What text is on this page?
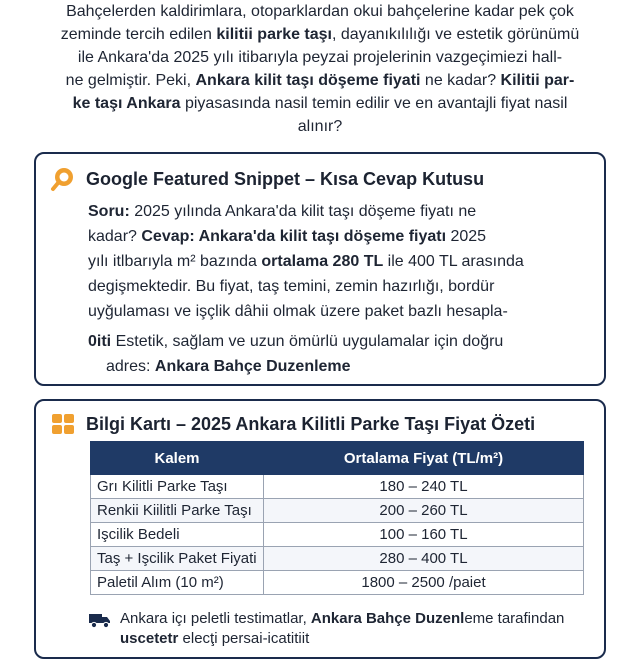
Bahçelerden kaldirimlara, otoparklardan okui bahçelerine kadar pek çok
zeminde tercih edilen kilitii parke taşı, dayanıkılılığı ve estetik görünümü
ile Ankara'da 2025 yılı itibarıyla peyzai projelerinin vazgeçimiezi hall-
ne gelmiştir. Peki, Ankara kilit taşı döşeme fiyati ne kadar? Kilitii par-
ke taşı Ankara piyasasında nasil temin edilir ve en avantajli fiyat nasil
alınır?
Google Featured Snippet – Kısa Cevap Kutusu
Soru: 2025 yılında Ankara'da kilit taşı döşeme fiyatı ne
kadar? Cevap: Ankara'da kilit taşı döşeme fiyatı 2025
yılı itlbarıyla m² bazında ortalama 280 TL ile 400 TL arasında
degişmektedir. Bu fiyat, taş temini, zemin hazırlığı, bordür
uyğulaması ve işçlik dâhii olmak üzere paket bazlı hesapla-
0iti Estetik, sağlam ve uzun ömürlü uygulamalar için doğru
adres: Ankara Bahçe Duzenleme
Bilgi Kartı – 2025 Ankara Kilitli Parke Taşı Fiyat Özeti
Kalem	Ortalama Fiyat (TL/m²)
Grı Kilitli Parke Taşı	180 – 240 TL
Renkii Kiilitli Parke Taşı	200 – 260 TL
Işcilik Bedeli	100 – 160 TL
Taş + Işcilik Paket Fiyati	280 – 400 TL
Paletil Alım (10 m²)	1800 – 2500 /paiet
Ankara içı peletli testimatlar, Ankara Bahçe Duzenleme tarafindan
uscetetr elecţi persai-icatitiit
